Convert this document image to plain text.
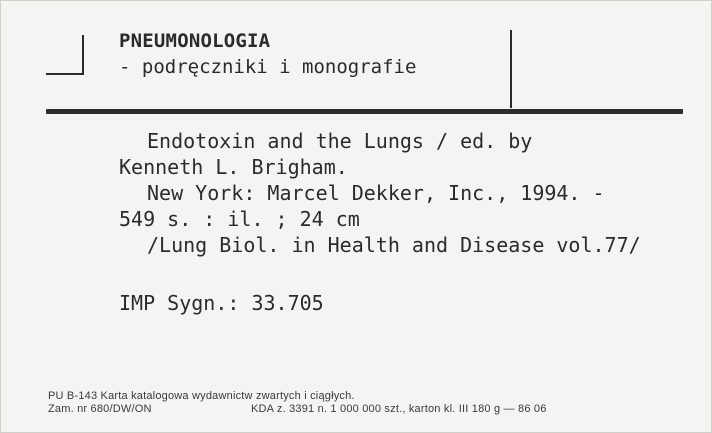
PNEUMONOLOGIA
- podręczniki i monografie
Endotoxin and the Lungs / ed. by
Kenneth L. Brigham.
New York: Marcel Dekker, Inc., 1994. -
549 s. : il. ; 24 cm
/Lung Biol. in Health and Disease vol.77/
IMP Sygn.: 33.705
PU B-143 Karta katalogowa wydawnictw zwartych i ciągłych.
Zam. nr 680/DW/ON	KDA z. 3391 n. 1 000 000 szt., karton kl. III 180 g — 86 06
